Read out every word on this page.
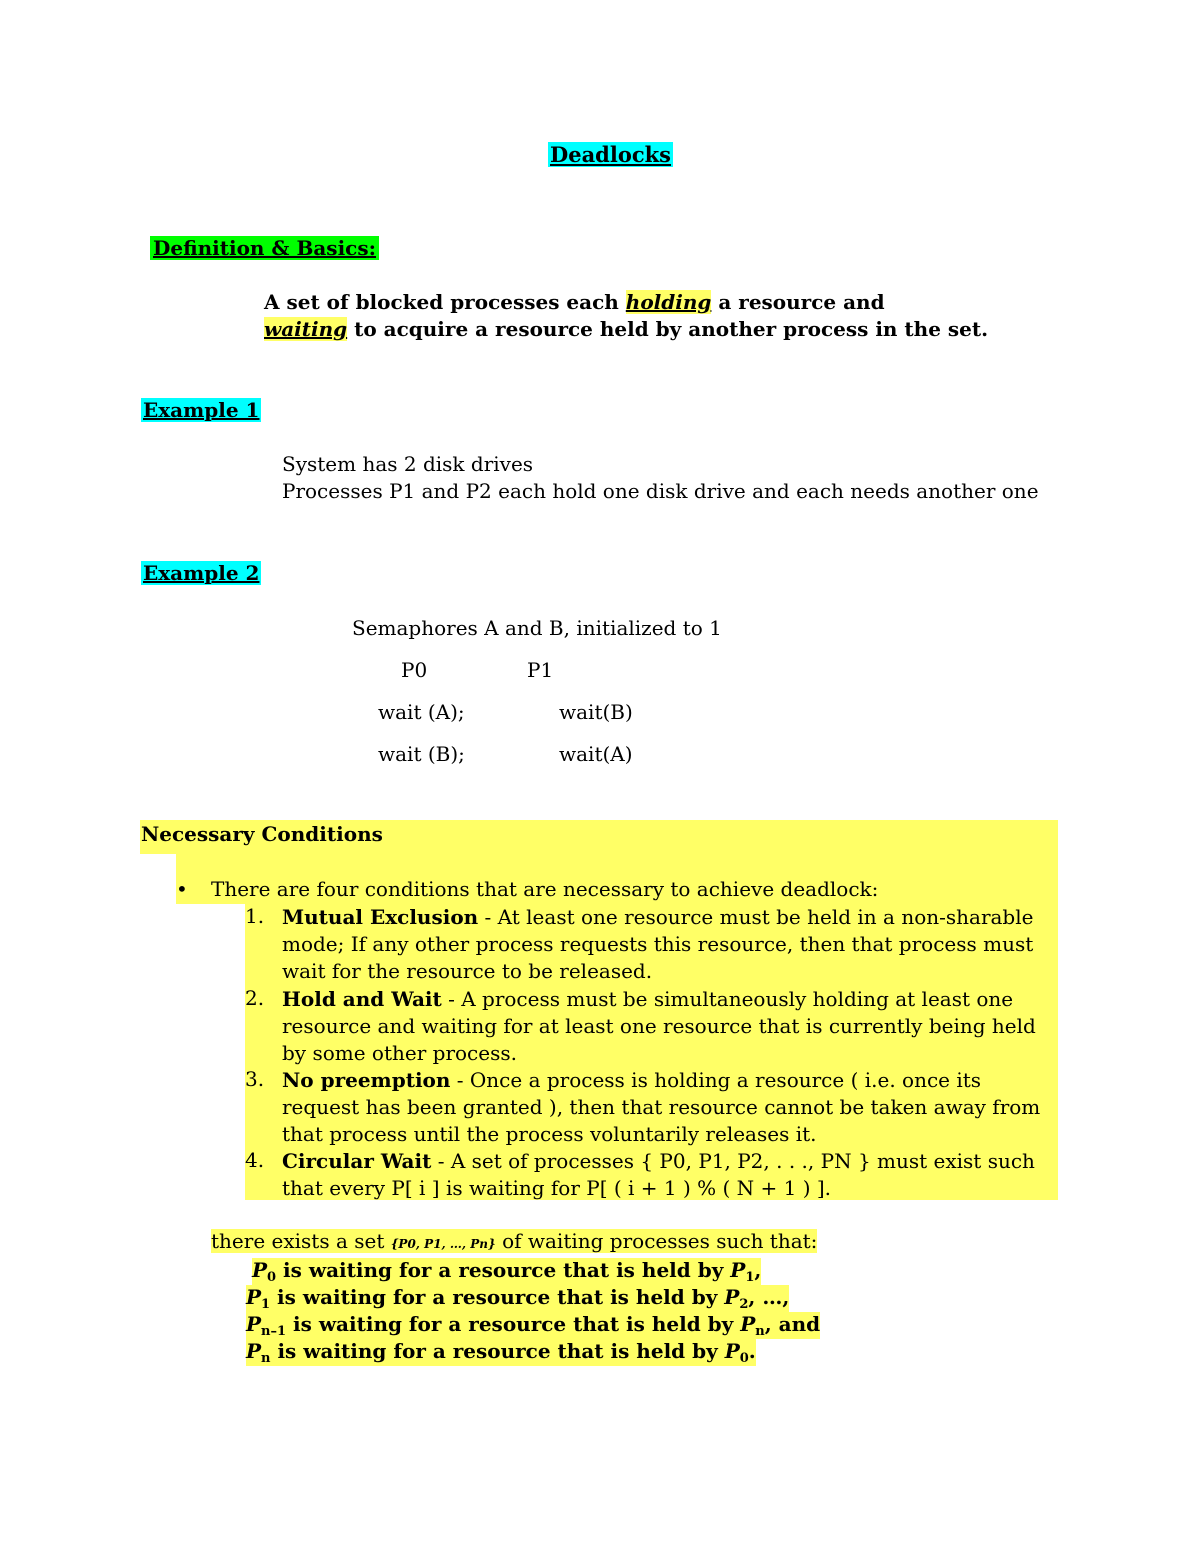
Deadlocks
Definition & Basics:
A set of blocked processes each holding a resource and
waiting to acquire a resource held by another process in the set.
Example 1
System has 2 disk drives
Processes P1 and P2 each hold one disk drive and each needs another one
Example 2
Semaphores A and B, initialized to 1
P0	P1
wait (A);	wait(B)
wait (B);	wait(A)
Necessary Conditions
• There are four conditions that are necessary to achieve deadlock:
1. Mutual Exclusion - At least one resource must be held in a non-sharable mode; If any other process requests this resource, then that process must wait for the resource to be released.
2. Hold and Wait - A process must be simultaneously holding at least one resource and waiting for at least one resource that is currently being held by some other process.
3. No preemption - Once a process is holding a resource ( i.e. once its request has been granted ), then that resource cannot be taken away from that process until the process voluntarily releases it.
4. Circular Wait - A set of processes { P0, P1, P2, . . ., PN } must exist such that every P[ i ] is waiting for P[ ( i + 1 ) % ( N + 1 ) ].
there exists a set {P0, P1, …, Pn} of waiting processes such that:
$P_0$ is waiting for a resource that is held by $P_1$,
$P_1$ is waiting for a resource that is held by $P_2$, …,
$P_{n-1}$ is waiting for a resource that is held by $P_n$, and
$P_n$ is waiting for a resource that is held by $P_0$.
